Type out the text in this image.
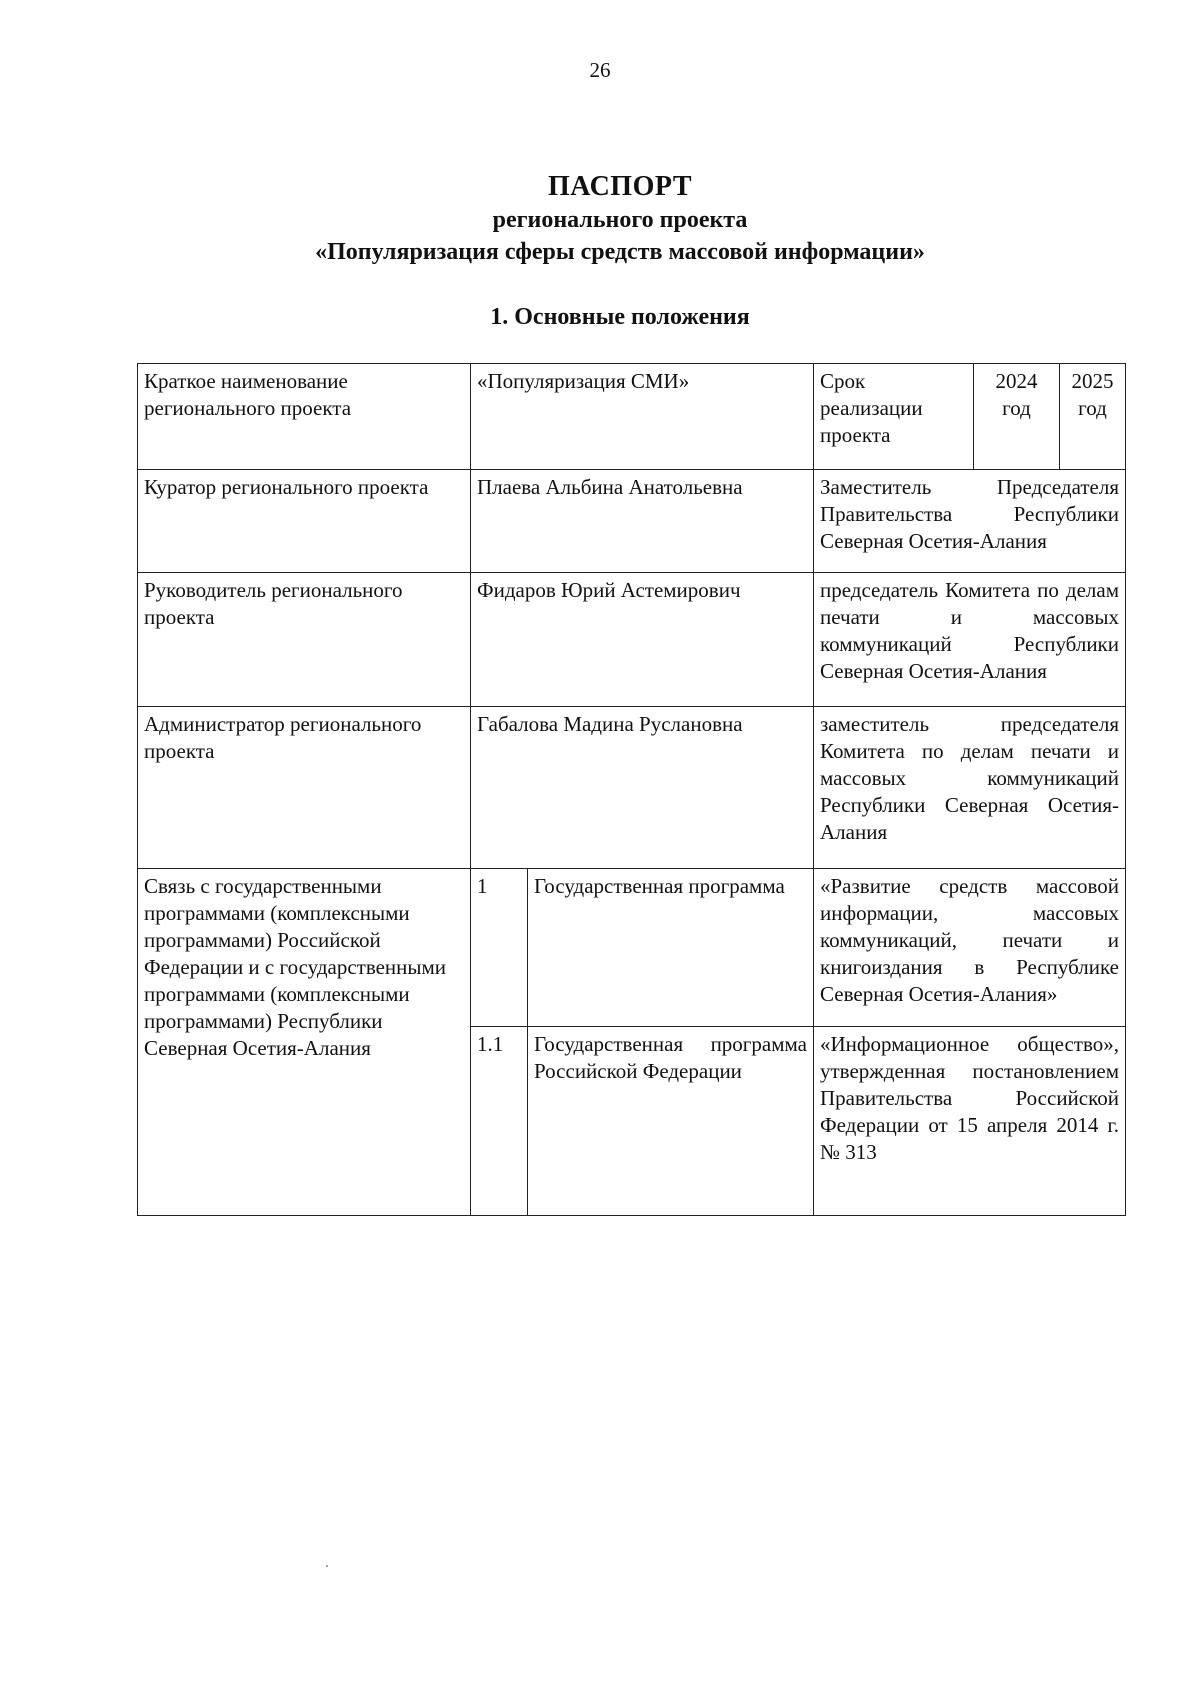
26
ПАСПОРТ
регионального проекта
«Популяризация сферы средств массовой информации»
1. Основные положения
Краткое наименование регионального проекта	«Популяризация СМИ»		Срок реализации проекта	2024 год	2025 год
Куратор регионального проекта	Плаева Альбина Анатольевна		Заместитель Председателя Правительства Республики Северная Осетия-Алания		
Руководитель регионального проекта	Фидаров Юрий Астемирович		председатель Комитета по делам печати и массовых коммуникаций Республики Северная Осетия-Алания		
Администратор регионального проекта	Габалова Мадина Руслановна		заместитель председателя Комитета по делам печати и массовых коммуникаций Республики Северная Осетия-Алания		
Связь с государственными программами (комплексными программами) Российской Федерации и с государственными программами (комплексными программами) Республики Северная Осетия-Алания	1	Государственная программа	«Развитие средств массовой информации, массовых коммуникаций, печати и книгоиздания в Республике Северная Осетия-Алания»		
	1.1	Государственная программа Российской Федерации	«Информационное общество», утвержденная постановлением Правительства Российской Федерации от 15 апреля 2014 г. № 313		
